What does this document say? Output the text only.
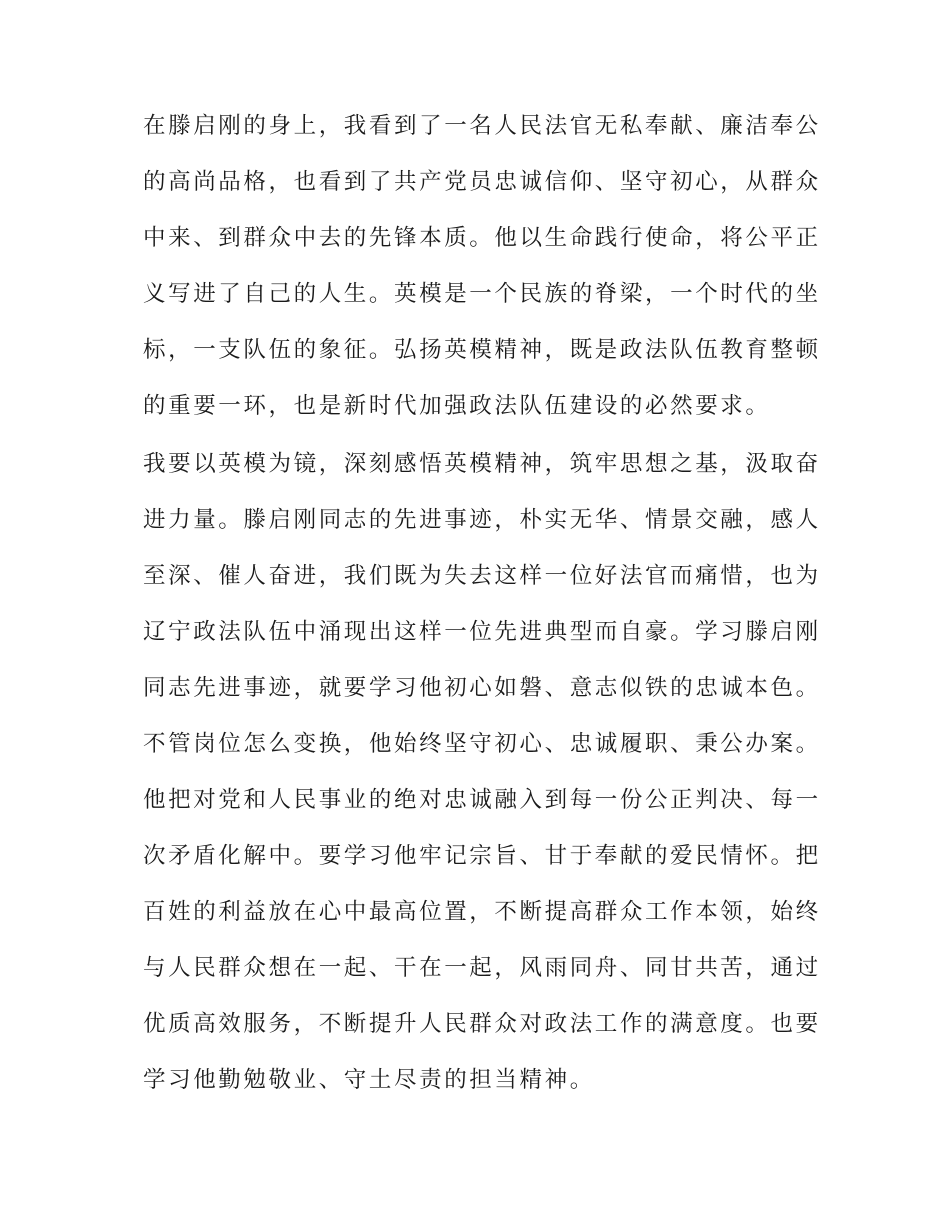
在滕启刚的身上，我看到了一名人民法官无私奉献、廉洁奉公
的高尚品格，也看到了共产党员忠诚信仰、坚守初心，从群众
中来、到群众中去的先锋本质。他以生命践行使命，将公平正
义写进了自己的人生。英模是一个民族的脊梁，一个时代的坐
标，一支队伍的象征。弘扬英模精神，既是政法队伍教育整顿
的重要一环，也是新时代加强政法队伍建设的必然要求。
我要以英模为镜，深刻感悟英模精神，筑牢思想之基，汲取奋
进力量。滕启刚同志的先进事迹，朴实无华、情景交融，感人
至深、催人奋进，我们既为失去这样一位好法官而痛惜，也为
辽宁政法队伍中涌现出这样一位先进典型而自豪。学习滕启刚
同志先进事迹，就要学习他初心如磐、意志似铁的忠诚本色。
不管岗位怎么变换，他始终坚守初心、忠诚履职、秉公办案。
他把对党和人民事业的绝对忠诚融入到每一份公正判决、每一
次矛盾化解中。要学习他牢记宗旨、甘于奉献的爱民情怀。把
百姓的利益放在心中最高位置，不断提高群众工作本领，始终
与人民群众想在一起、干在一起，风雨同舟、同甘共苦，通过
优质高效服务，不断提升人民群众对政法工作的满意度。也要
学习他勤勉敬业、守土尽责的担当精神。
